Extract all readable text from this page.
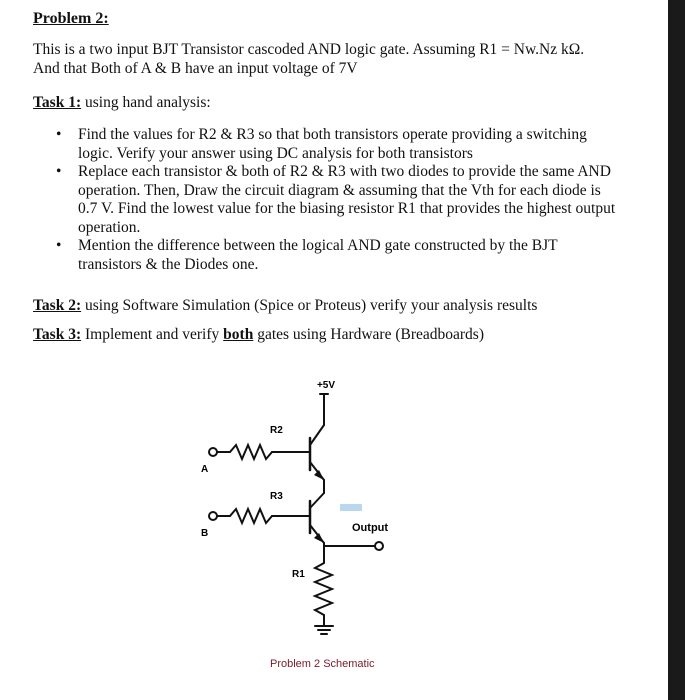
Problem 2:
This is a two input BJT Transistor cascoded AND logic gate. Assuming R1 = Nw.Nz kΩ.
And that Both of A & B have an input voltage of 7V
Task 1: using hand analysis:
• Find the values for R2 & R3 so that both transistors operate providing a switching logic. Verify your answer using DC analysis for both transistors
• Replace each transistor & both of R2 & R3 with two diodes to provide the same AND operation. Then, Draw the circuit diagram & assuming that the Vth for each diode is 0.7 V. Find the lowest value for the biasing resistor R1 that provides the highest output operation.
• Mention the difference between the logical AND gate constructed by the BJT transistors & the Diodes one.
Task 2: using Software Simulation (Spice or Proteus) verify your analysis results
Task 3: Implement and verify both gates using Hardware (Breadboards)
+5V
R2
R3
R1
A
B	Output
Problem 2 Schematic
